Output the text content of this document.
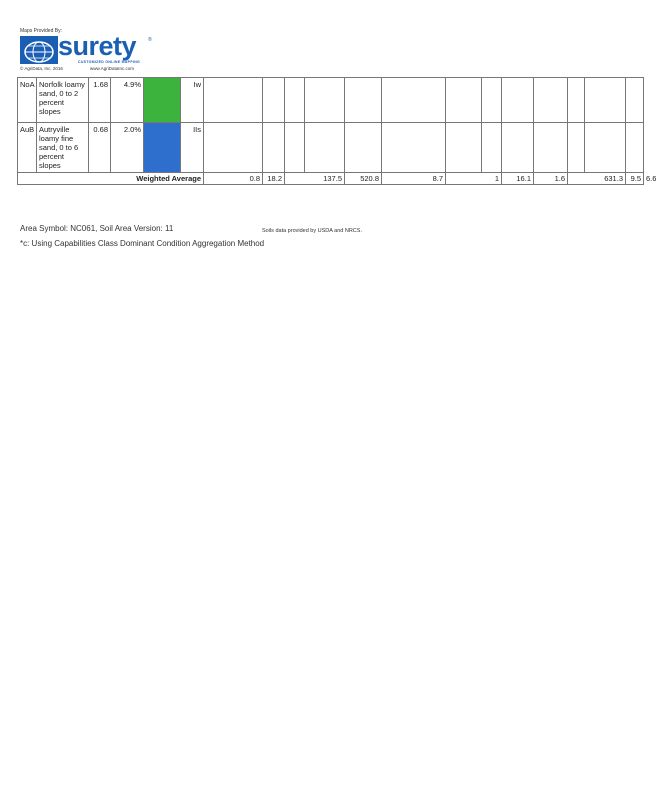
Maps Provided By:
surety ®
CUSTOMIZED ONLINE MAPPING
© AgriData, Inc. 2016	www.AgriDataInc.com
NoA	Norfolk loamy sand, 0 to 2 percent slopes	1.68	4.9%		Iw														
AuB	Autryville loamy fine sand, 0 to 6 percent slopes	0.68	2.0%		IIs														
Weighted Average						0.8	18.2	137.5		520.8	8.7	1		16.1	1.6	631.3		9.5	6.6
Area Symbol: NC061, Soil Area Version: 11
*c: Using Capabilities Class Dominant Condition Aggregation Method
Soils data provided by USDA and NRCS.
